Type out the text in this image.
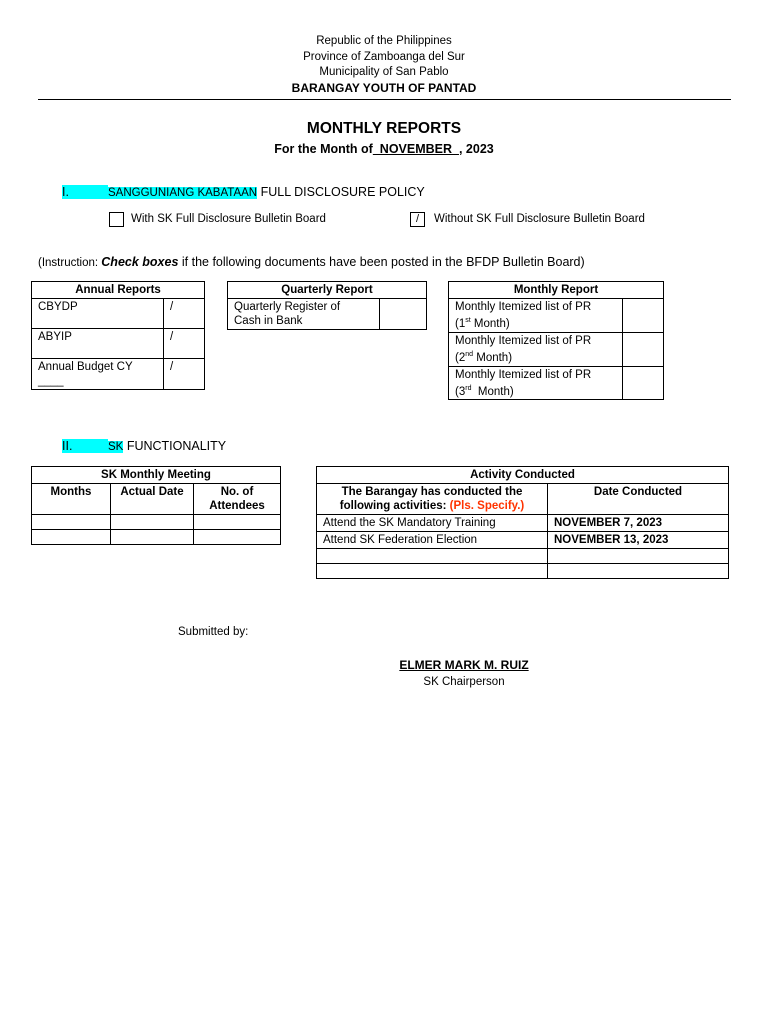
Republic of the Philippines
Province of Zamboanga del Sur
Municipality of San Pablo
BARANGAY YOUTH OF PANTAD
MONTHLY REPORTS
For the Month of  NOVEMBER  , 2023
I.	SANGGUNIANG KABATAAN FULL DISCLOSURE POLICY
With SK Full Disclosure Bulletin Board	/	Without SK Full Disclosure Bulletin Board
(Instruction: Check boxes if the following documents have been posted in the BFDP Bulletin Board)
Annual Reports	
CBYDP	/
ABYIP	/
Annual Budget CY ____	/
Quarterly Report

Quarterly Register of
Cash in Bank

Monthly Report	

Monthly Itemized list of PR
(1st Month)	

Monthly Itemized list of PR
(2nd Month)	

Monthly Itemized list of PR
(3rd  Month)	

II.	SK FUNCTIONALITY
SK Monthly Meeting		
Months	Actual Date	No. of Attendees

Activity Conducted	

The Barangay has conducted the
following activities: (Pls. Specify.)	Date Conducted
Attend the SK Mandatory Training	NOVEMBER 7, 2023
Attend SK Federation Election	NOVEMBER 13, 2023

Submitted by:
ELMER MARK M. RUIZ
SK Chairperson
